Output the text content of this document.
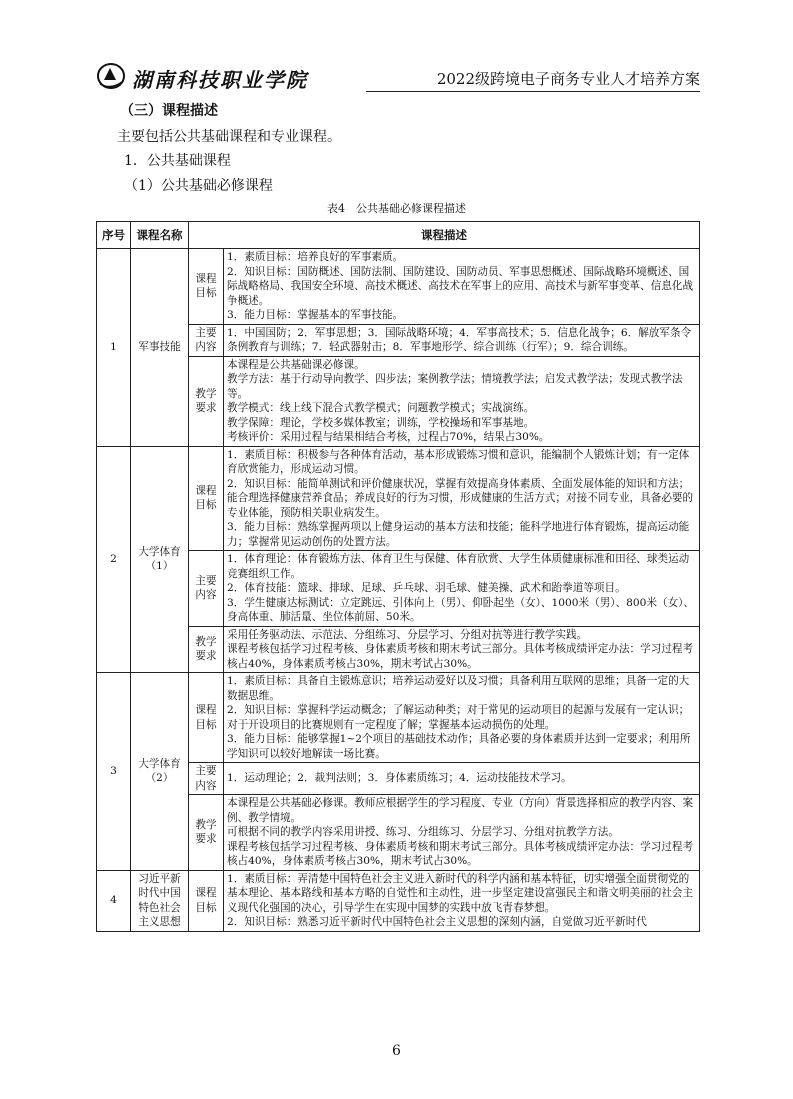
湖南科技职业学院	2022级跨境电子商务专业人才培养方案
（三）课程描述
主要包括公共基础课程和专业课程。
1．公共基础课程
（1）公共基础必修课程
表4　公共基础必修课程描述
序号	课程名称	课程描述	
1	军事技能	课程目标	1．素质目标：培养良好的军事素质。
2．知识目标：国防概述、国防法制、国防建设、国防动员、军事思想概述、国际战略环境概述、国际战略格局、我国安全环境、高技术概述、高技术在军事上的应用、高技术与新军事变革、信息化战争概述。
3．能力目标：掌握基本的军事技能。

		主要内容	1．中国国防；2．军事思想；3．国际战略环境；4．军事高技术；5．信息化战争；6．解放军条令条例教育与训练；7．轻武器射击；8．军事地形学、综合训练（行军）；9．综合训练。

		教学要求	本课程是公共基础课必修课。
教学方法：基于行动导向教学、四步法；案例教学法；情境教学法；启发式教学法；发现式教学法等。
教学模式：线上线下混合式教学模式；问题教学模式；实战演练。
教学保障：理论，学校多媒体教室；训练，学校操场和军事基地。
考核评价：采用过程与结果相结合考核，过程占70%，结果占30%。

2	大学体育（1）	课程目标	1．素质目标：积极参与各种体育活动，基本形成锻炼习惯和意识，能编制个人锻炼计划；有一定体育欣赏能力，形成运动习惯。
2．知识目标：能简单测试和评价健康状况，掌握有效提高身体素质、全面发展体能的知识和方法；能合理选择健康营养食品；养成良好的行为习惯，形成健康的生活方式；对接不同专业，具备必要的专业体能，预防相关职业病发生。
3．能力目标：熟练掌握两项以上健身运动的基本方法和技能；能科学地进行体育锻炼，提高运动能力；掌握常见运动创伤的处置方法。

		主要内容	1．体育理论：体育锻炼方法、体育卫生与保健、体育欣赏、大学生体质健康标准和田径、球类运动竞赛组织工作。
2．体育技能：篮球、排球、足球、乒乓球、羽毛球、健美操、武术和跆拳道等项目。
3．学生健康达标测试：立定跳远、引体向上（男）、仰卧起坐（女）、1000米（男）、800米（女）、身高体重、肺活量、坐位体前屈、50米。

		教学要求	采用任务驱动法、示范法、分组练习、分层学习、分组对抗等进行教学实践。
课程考核包括学习过程考核、身体素质考核和期末考试三部分。具体考核成绩评定办法：学习过程考核占40%，身体素质考核占30%，期末考试占30%。

3	大学体育（2）	课程目标	1．素质目标：具备自主锻炼意识；培养运动爱好以及习惯；具备利用互联网的思维；具备一定的大数据思维。
2．知识目标：掌握科学运动概念；了解运动种类；对于常见的运动项目的起源与发展有一定认识；对于开设项目的比赛规则有一定程度了解；掌握基本运动损伤的处理。
3．能力目标：能够掌握1~2个项目的基础技术动作；具备必要的身体素质并达到一定要求；利用所学知识可以较好地解读一场比赛。

		主要内容	1．运动理论；2．裁判法则；3．身体素质练习；4．运动技能技术学习。

		教学要求	本课程是公共基础必修课。教师应根据学生的学习程度、专业（方向）背景选择相应的教学内容、案例、教学情境。
可根据不同的教学内容采用讲授、练习、分组练习、分层学习、分组对抗教学方法。
课程考核包括学习过程考核、身体素质考核和期末考试三部分。具体考核成绩评定办法：学习过程考核占40%，身体素质考核占30%，期末考试占30%。

4	习近平新时代中国特色社会主义思想	课程目标	1．素质目标：弄清楚中国特色社会主义进入新时代的科学内涵和基本特征，切实增强全面贯彻党的基本理论、基本路线和基本方略的自觉性和主动性，进一步坚定建设富强民主和谐文明美丽的社会主义现代化强国的决心，引导学生在实现中国梦的实践中放飞青春梦想。
2．知识目标：熟悉习近平新时代中国特色社会主义思想的深刻内涵，自觉做习近平新时代
6
